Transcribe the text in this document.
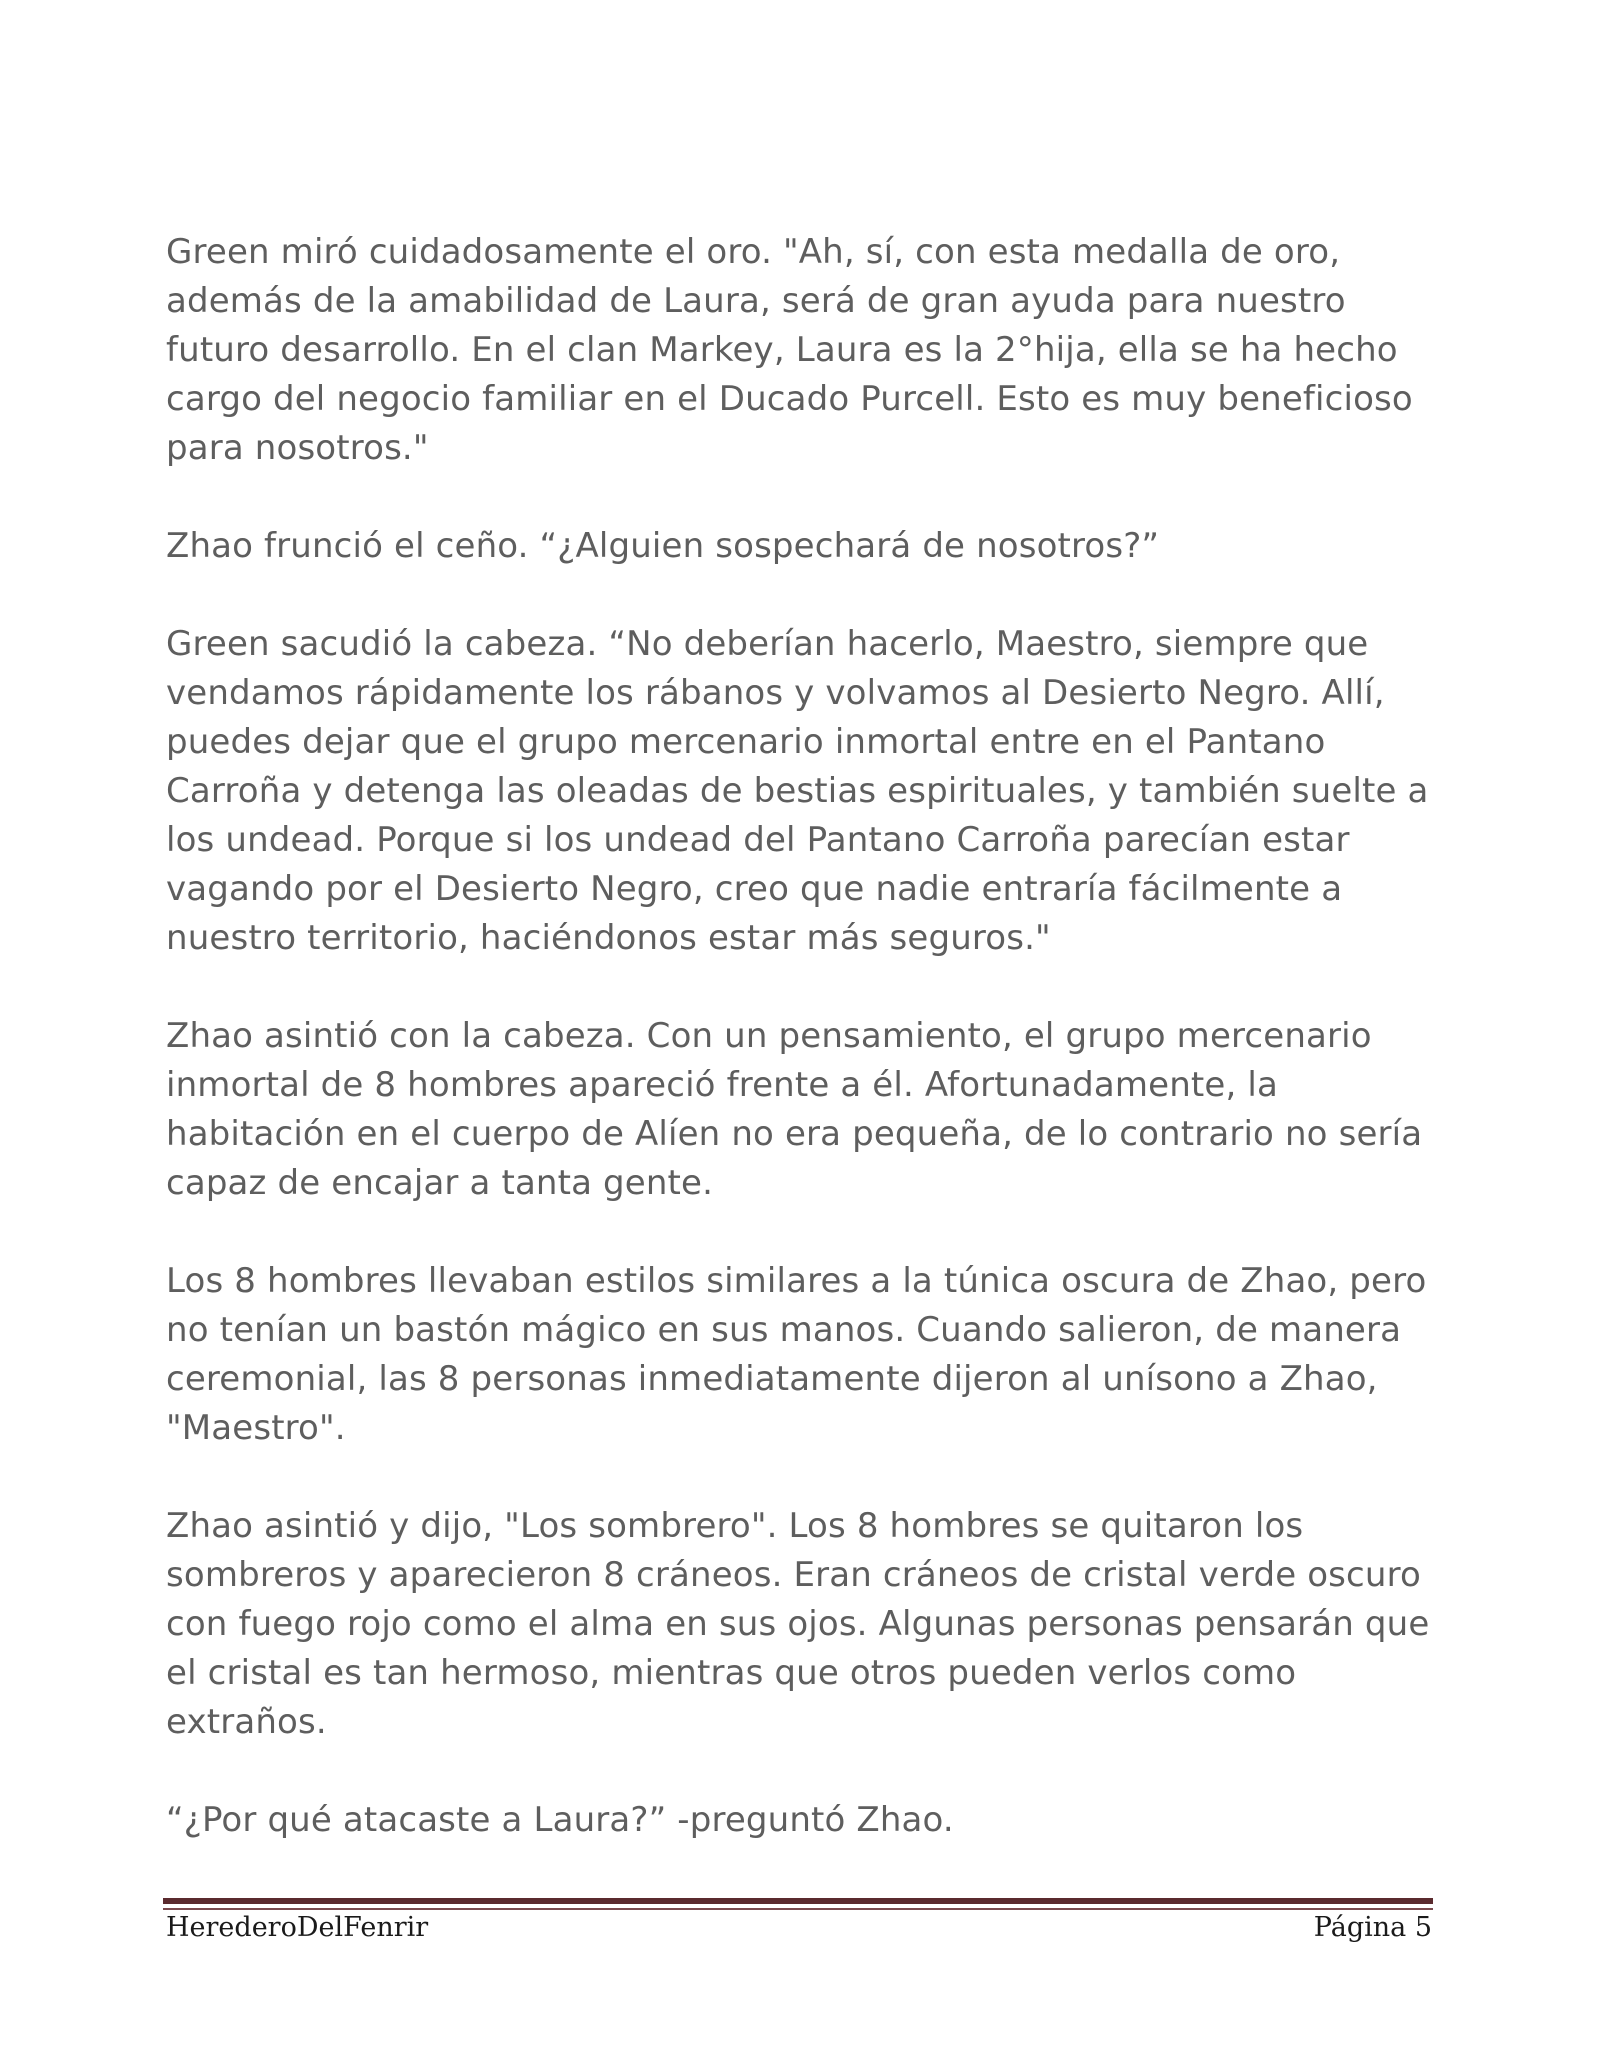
Green miró cuidadosamente el oro. "Ah, sí, con esta medalla de oro, además de la amabilidad de Laura, será de gran ayuda para nuestro futuro desarrollo. En el clan Markey, Laura es la 2°hija, ella se ha hecho cargo del negocio familiar en el Ducado Purcell. Esto es muy beneficioso para nosotros."

Zhao frunció el ceño. “¿Alguien sospechará de nosotros?”

Green sacudió la cabeza. “No deberían hacerlo, Maestro, siempre que vendamos rápidamente los rábanos y volvamos al Desierto Negro. Allí, puedes dejar que el grupo mercenario inmortal entre en el Pantano Carroña y detenga las oleadas de bestias espirituales, y también suelte a los undead. Porque si los undead del Pantano Carroña parecían estar vagando por el Desierto Negro, creo que nadie entraría fácilmente a nuestro territorio, haciéndonos estar más seguros."

Zhao asintió con la cabeza. Con un pensamiento, el grupo mercenario inmortal de 8 hombres apareció frente a él. Afortunadamente, la habitación en el cuerpo de Alíen no era pequeña, de lo contrario no sería capaz de encajar a tanta gente.

Los 8 hombres llevaban estilos similares a la túnica oscura de Zhao, pero no tenían un bastón mágico en sus manos. Cuando salieron, de manera ceremonial, las 8 personas inmediatamente dijeron al unísono a Zhao, "Maestro".

Zhao asintió y dijo, "Los sombrero". Los 8 hombres se quitaron los sombreros y aparecieron 8 cráneos. Eran cráneos de cristal verde oscuro con fuego rojo como el alma en sus ojos. Algunas personas pensarán que el cristal es tan hermoso, mientras que otros pueden verlos como extraños.

“¿Por qué atacaste a Laura?” -preguntó Zhao.

HerederoDelFenrir	Página 5
